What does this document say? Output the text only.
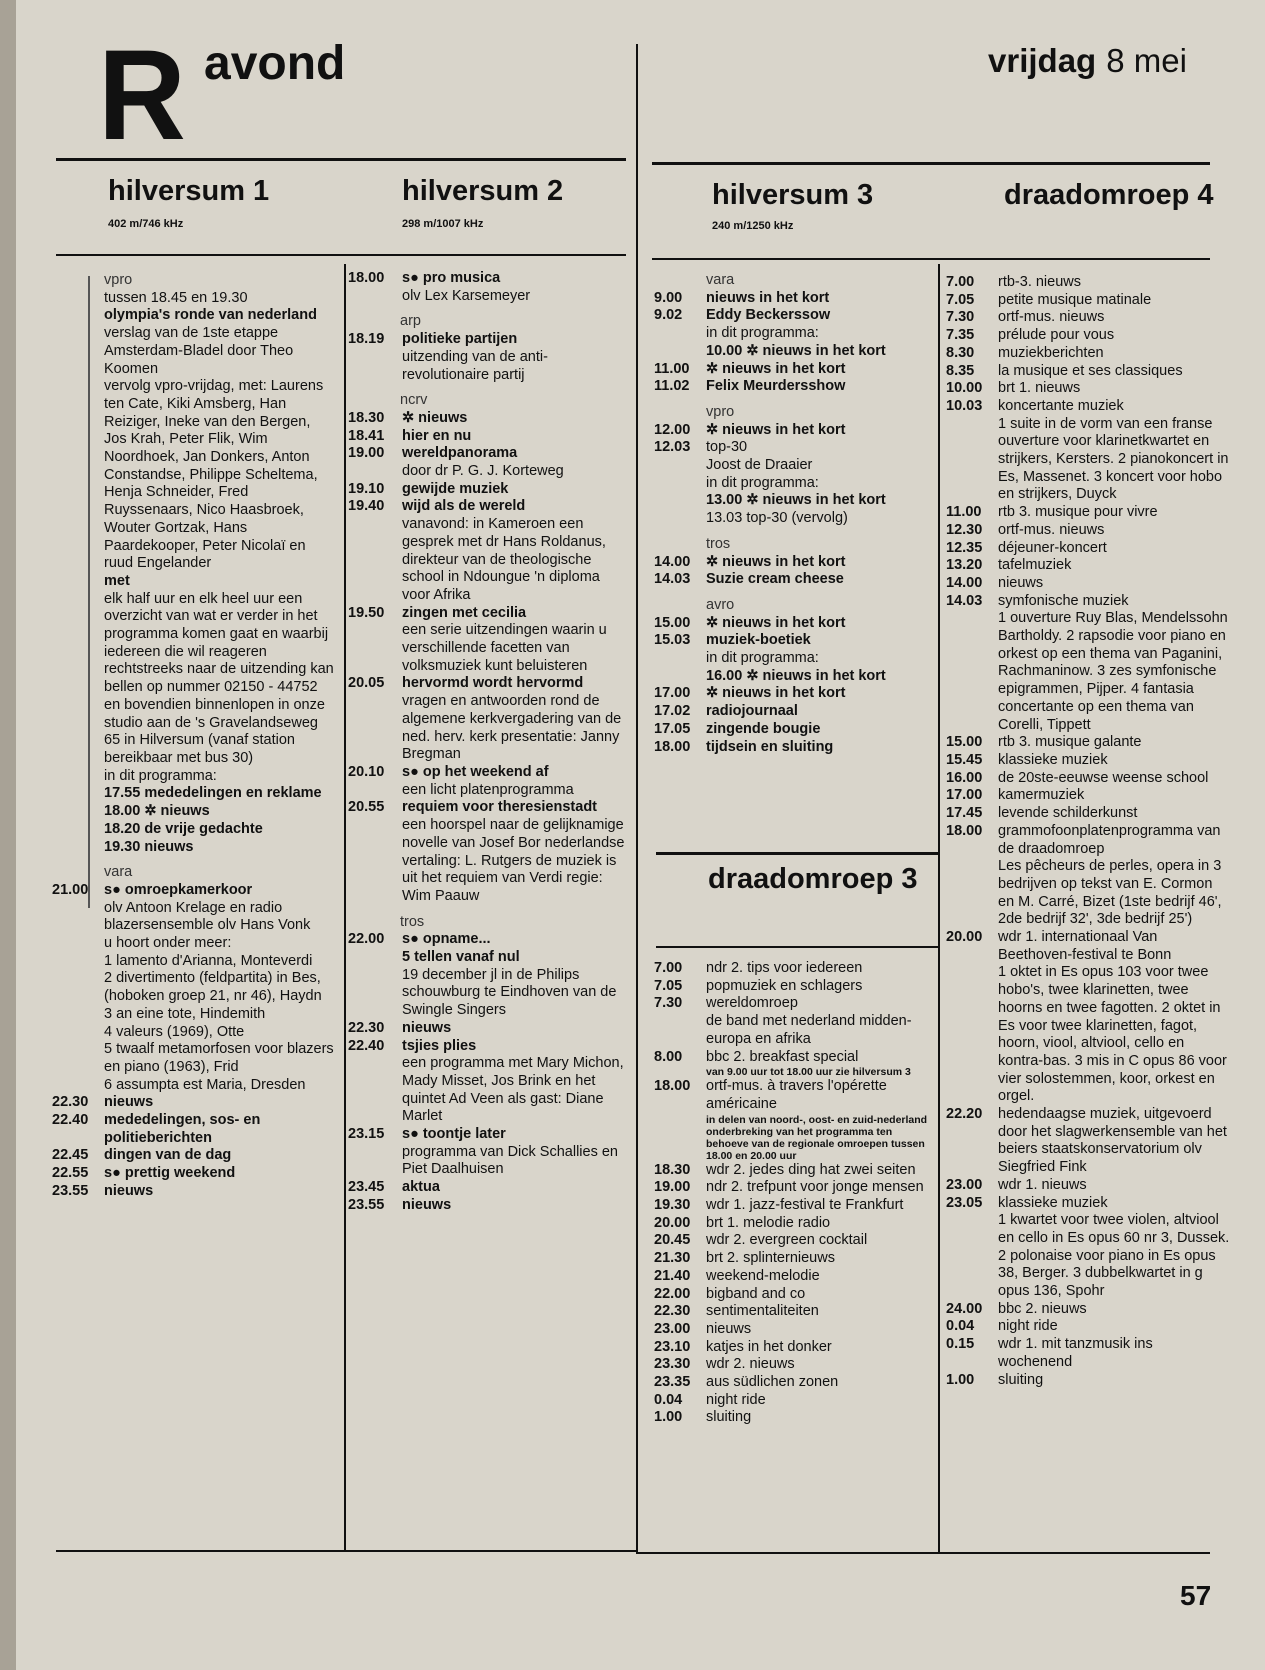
R avond	vrijdag 8 mei
hilversum 1
402 m/746 kHz
hilversum 2
298 m/1007 kHz
hilversum 3
240 m/1250 kHz
draadomroep 4
draadomroep 3
vpro
tussen 18.45 en 19.30
olympia's ronde van nederland
verslag van de 1ste etappe Amsterdam-Bladel door Theo Koomen
vervolg vpro-vrijdag, met: Laurens ten Cate, Kiki Amsberg, Han Reiziger, Ineke van den Bergen, Jos Krah, Peter Flik, Wim Noordhoek, Jan Donkers, Anton Constandse, Philippe Scheltema, Henja Schneider, Fred Ruyssenaars, Nico Haasbroek, Wouter Gortzak, Hans Paardekooper, Peter Nicolaï en ruud Engelander
met
elk half uur en elk heel uur een overzicht van wat er verder in het programma komen gaat en waarbij iedereen die wil reageren rechtstreeks naar de uitzending kan bellen op nummer 02150 - 44752 en bovendien binnenlopen in onze studio aan de 's Gravelandseweg 65 in Hilversum (vanaf station bereikbaar met bus 30)
in dit programma:
17.55 mededelingen en reklame
18.00 ✲ nieuws
18.20 de vrije gedachte
19.30 nieuws
vara
21.00	s● omroepkamerkoor
olv Antoon Krelage en radio blazersensemble olv Hans Vonk
u hoort onder meer:
1 lamento d'Arianna, Monteverdi
2 divertimento (feldpartita) in Bes, (hoboken groep 21, nr 46), Haydn
3 an eine tote, Hindemith
4 valeurs (1969), Otte
5 twaalf metamorfosen voor blazers en piano (1963), Frid
6 assumpta est Maria, Dresden
22.30	nieuws
22.40	mededelingen, sos- en politieberichten
22.45	dingen van de dag
22.55	s● prettig weekend
23.55	nieuws
18.00	s● pro musica
olv Lex Karsemeyer
arp
18.19	politieke partijen
uitzending van de anti-revolutionaire partij
ncrv
18.30	✲ nieuws
18.41	hier en nu
19.00	wereldpanorama
door dr P. G. J. Korteweg
19.10	gewijde muziek
19.40	wijd als de wereld
vanavond: in Kameroen een gesprek met dr Hans Roldanus, direkteur van de theologische school in Ndoungue 'n diploma voor Afrika
19.50	zingen met cecilia
een serie uitzendingen waarin u verschillende facetten van volksmuziek kunt beluisteren
20.05	hervormd wordt hervormd
vragen en antwoorden rond de algemene kerkvergadering van de ned. herv. kerk presentatie: Janny Bregman
20.10	s● op het weekend af
een licht platenprogramma
20.55	requiem voor theresienstadt
een hoorspel naar de gelijknamige novelle van Josef Bor nederlandse vertaling: L. Rutgers de muziek is uit het requiem van Verdi regie: Wim Paauw
tros
22.00	s● opname...
5 tellen vanaf nul
19 december jl in de Philips schouwburg te Eindhoven van de Swingle Singers
22.30	nieuws
22.40	tsjies plies
een programma met Mary Michon, Mady Misset, Jos Brink en het quintet Ad Veen als gast: Diane Marlet
23.15	s● toontje later
programma van Dick Schallies en Piet Daalhuisen
23.45	aktua
23.55	nieuws
vara
9.00	nieuws in het kort
9.02	Eddy Beckerssow
in dit programma:
10.00 ✲ nieuws in het kort
11.00	✲ nieuws in het kort
11.02	Felix Meurdersshow
vpro
12.00	✲ nieuws in het kort
12.03	top-30
Joost de Draaier
in dit programma:
13.00 ✲ nieuws in het kort
13.03 top-30 (vervolg)
tros
14.00	✲ nieuws in het kort
14.03	Suzie cream cheese
avro
15.00	✲ nieuws in het kort
15.03	muziek-boetiek
in dit programma:
16.00 ✲ nieuws in het kort
17.00	✲ nieuws in het kort
17.02	radiojournaal
17.05	zingende bougie
18.00	tijdsein en sluiting
7.00	ndr 2. tips voor iedereen
7.05	popmuziek en schlagers
7.30	wereldomroep
de band met nederland midden-europa en afrika
8.00	bbc 2. breakfast special
van 9.00 uur tot 18.00 uur zie hilversum 3
18.00	ortf-mus. à travers l'opérette américaine
in delen van noord-, oost- en zuid-nederland onderbreking van het programma ten behoeve van de regionale omroepen tussen 18.00 en 20.00 uur
18.30	wdr 2. jedes ding hat zwei seiten
19.00	ndr 2. trefpunt voor jonge mensen
19.30	wdr 1. jazz-festival te Frankfurt
20.00	brt 1. melodie radio
20.45	wdr 2. evergreen cocktail
21.30	brt 2. splinternieuws
21.40	weekend-melodie
22.00	bigband and co
22.30	sentimentaliteiten
23.00	nieuws
23.10	katjes in het donker
23.30	wdr 2. nieuws
23.35	aus südlichen zonen
0.04	night ride
1.00	sluiting
7.00	rtb-3. nieuws
7.05	petite musique matinale
7.30	ortf-mus. nieuws
7.35	prélude pour vous
8.30	muziekberichten
8.35	la musique et ses classiques
10.00	brt 1. nieuws
10.03	koncertante muziek
1 suite in de vorm van een franse ouverture voor klarinetkwartet en strijkers, Kersters. 2 pianokoncert in Es, Massenet. 3 koncert voor hobo en strijkers, Duyck
11.00	rtb 3. musique pour vivre
12.30	ortf-mus. nieuws
12.35	déjeuner-koncert
13.20	tafelmuziek
14.00	nieuws
14.03	symfonische muziek
1 ouverture Ruy Blas, Mendelssohn Bartholdy. 2 rapsodie voor piano en orkest op een thema van Paganini, Rachmaninow. 3 zes symfonische epigrammen, Pijper. 4 fantasia concertante op een thema van Corelli, Tippett
15.00	rtb 3. musique galante
15.45	klassieke muziek
16.00	de 20ste-eeuwse weense school
17.00	kamermuziek
17.45	levende schilderkunst
18.00	grammofoonplatenprogramma van de draadomroep
Les pêcheurs de perles, opera in 3 bedrijven op tekst van E. Cormon en M. Carré, Bizet (1ste bedrijf 46', 2de bedrijf 32', 3de bedrijf 25')
20.00	wdr 1. internationaal Van Beethoven-festival te Bonn
1 oktet in Es opus 103 voor twee hobo's, twee klarinetten, twee hoorns en twee fagotten. 2 oktet in Es voor twee klarinetten, fagot, hoorn, viool, altviool, cello en kontra-bas. 3 mis in C opus 86 voor vier solostemmen, koor, orkest en orgel.
22.20	hedendaagse muziek, uitgevoerd door het slagwerkensemble van het beiers staatskonservatorium olv Siegfried Fink
23.00	wdr 1. nieuws
23.05	klassieke muziek
1 kwartet voor twee violen, altviool en cello in Es opus 60 nr 3, Dussek. 2 polonaise voor piano in Es opus 38, Berger. 3 dubbelkwartet in g opus 136, Spohr
24.00	bbc 2. nieuws
0.04	night ride
0.15	wdr 1. mit tanzmusik ins wochenend
1.00	sluiting
57
